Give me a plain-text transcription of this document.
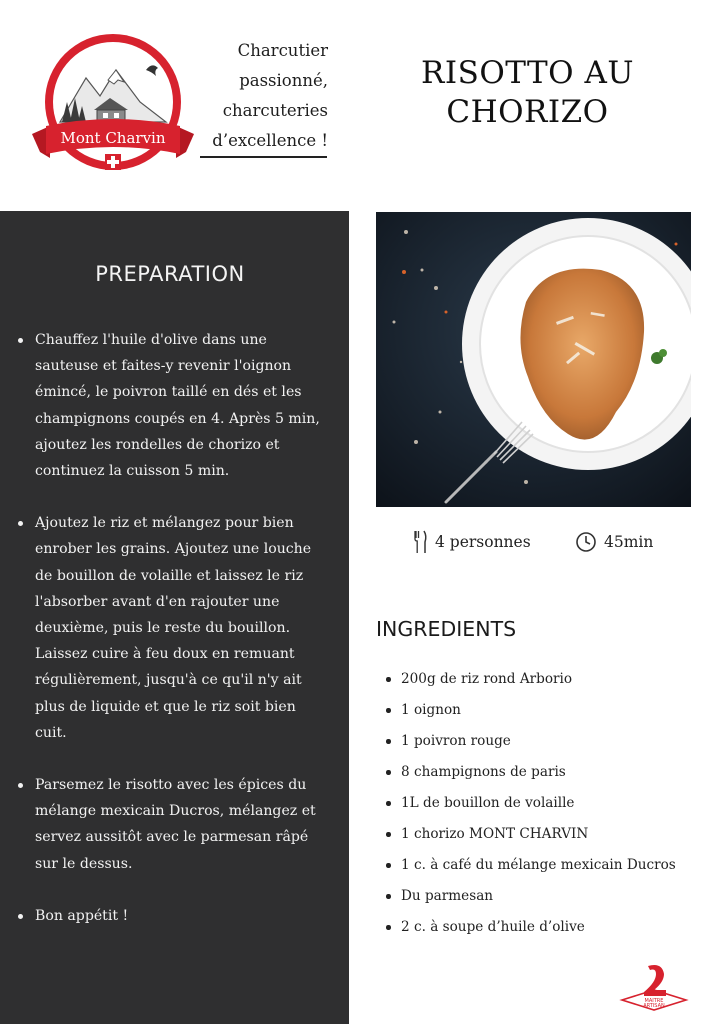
Mont Charvin
Charcutier
passionné,
charcuteries
d’excellence !
RISOTTO AU
CHORIZO
PREPARATION
Chauffez l'huile d'olive dans une sauteuse et faites-y revenir l'oignon émincé, le poivron taillé en dés et les champignons coupés en 4. Après 5 min, ajoutez les rondelles de chorizo et continuez la cuisson 5 min.
Ajoutez le riz et mélangez pour bien enrober les grains. Ajoutez une louche de bouillon de volaille et laissez le riz l'absorber avant d'en rajouter une deuxième, puis le reste du bouillon. Laissez cuire à feu doux en remuant régulièrement, jusqu'à ce qu'il n'y ait plus de liquide et que le riz soit bien cuit.
Parsemez le risotto avec les épices du mélange mexicain Ducros, mélangez et servez aussitôt avec le parmesan râpé sur le dessus.
Bon appétit !
4 personnes	45min
INGREDIENTS
200g de riz rond Arborio
1 oignon
1 poivron rouge
8 champignons de paris
1L de bouillon de volaille
1 chorizo MONT CHARVIN
1 c. à café du mélange mexicain Ducros
Du parmesan
2 c. à soupe d’huile d’olive
MAITRE
ARTISAN
